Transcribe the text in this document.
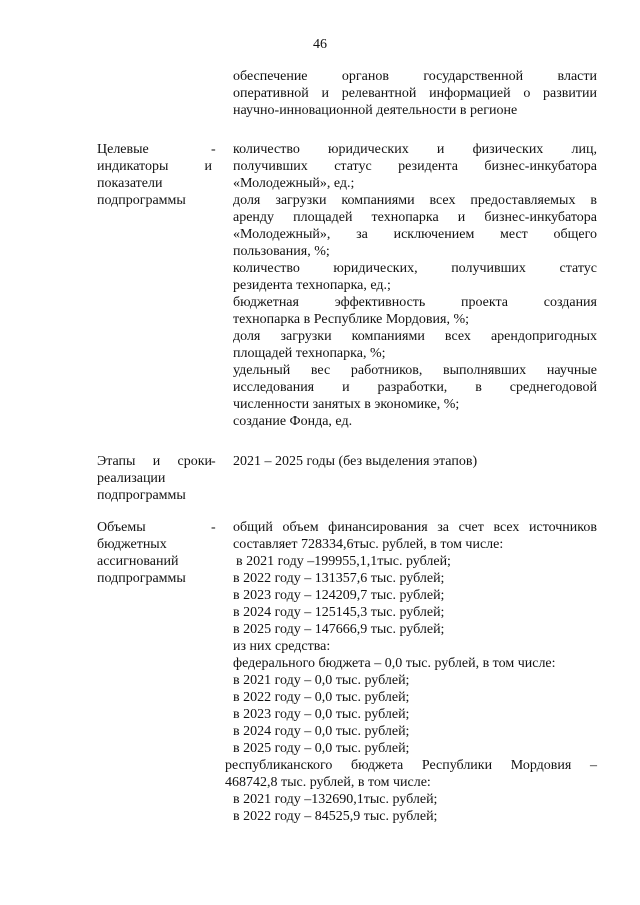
46
обеспечение органов государственной власти
оперативной и релевантной информацией о развитии
научно-инновационной деятельности в регионе
Целевые
индикаторы и
показатели
подпрограммы
- количество юридических и физических лиц,
получивших статус резидента бизнес-инкубатора
«Молодежный», ед.;
доля загрузки компаниями всех предоставляемых в
аренду площадей технопарка и бизнес-инкубатора
«Молодежный», за исключением мест общего
пользования, %;
количество юридических, получивших статус
резидента технопарка, ед.;
бюджетная эффективность проекта создания
технопарка в Республике Мордовия, %;
доля загрузки компаниями всех арендопригодных
площадей технопарка, %;
удельный вес работников, выполнявших научные
исследования и разработки, в среднегодовой
численности занятых в экономике, %;
создание Фонда, ед.
Этапы и сроки
реализации
подпрограммы
- 2021 – 2025 годы (без выделения этапов)
Объемы
бюджетных
ассигнований
подпрограммы
- общий объем финансирования за счет всех источников
составляет 728334,6тыс. рублей, в том числе:
в 2021 году –199955,1,1тыс. рублей;
в 2022 году – 131357,6 тыс. рублей;
в 2023 году – 124209,7 тыс. рублей;
в 2024 году – 125145,3 тыс. рублей;
в 2025 году – 147666,9 тыс. рублей;
из них средства:
федерального бюджета – 0,0 тыс. рублей, в том числе:
в 2021 году – 0,0 тыс. рублей;
в 2022 году – 0,0 тыс. рублей;
в 2023 году – 0,0 тыс. рублей;
в 2024 году – 0,0 тыс. рублей;
в 2025 году – 0,0 тыс. рублей;
республиканского бюджета Республики Мордовия –
468742,8 тыс. рублей, в том числе:
в 2021 году –132690,1тыс. рублей;
в 2022 году – 84525,9 тыс. рублей;
